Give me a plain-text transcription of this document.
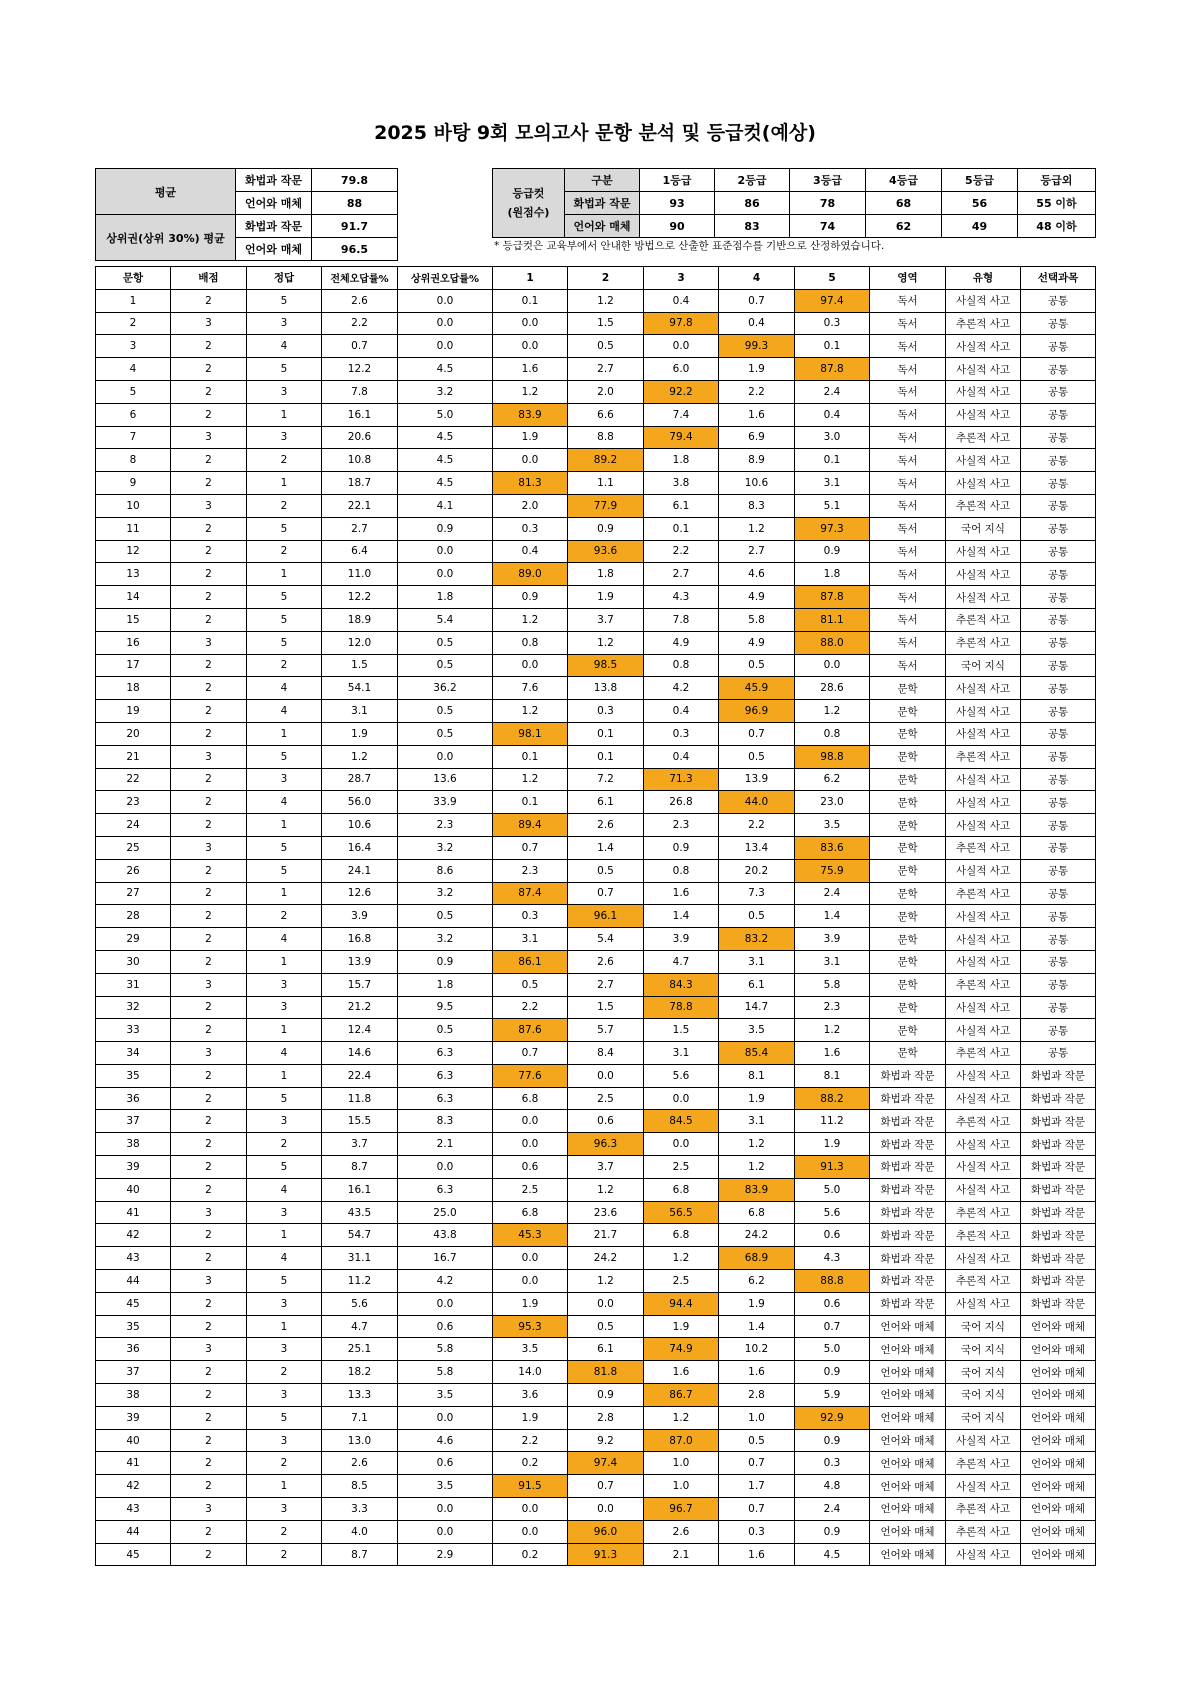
2025 바탕 9회 모의고사 문항 분석 및 등급컷(예상)
평균	화법과 작문	79.8
	언어와 매체	88
상위권(상위 30%) 평균	화법과 작문	91.7
	언어와 매체	96.5
등급컷
(원점수)	구분	1등급	2등급	3등급	4등급	5등급	등급외
	화법과 작문	93	86	78	68	56	55 이하
	언어와 매체	90	83	74	62	49	48 이하

* 등급컷은 교육부에서 안내한 방법으로 산출한 표준점수를 기반으로 산정하였습니다.

문항	배점	정답	전체오답률%	상위권오답률%	1	2	3	4	5	영역	유형	선택과목
1	2	5	2.6	0.0	0.1	1.2	0.4	0.7	97.4	독서	사실적 사고	공통
2	3	3	2.2	0.0	0.0	1.5	97.8	0.4	0.3	독서	추론적 사고	공통
3	2	4	0.7	0.0	0.0	0.5	0.0	99.3	0.1	독서	사실적 사고	공통
4	2	5	12.2	4.5	1.6	2.7	6.0	1.9	87.8	독서	사실적 사고	공통
5	2	3	7.8	3.2	1.2	2.0	92.2	2.2	2.4	독서	사실적 사고	공통
6	2	1	16.1	5.0	83.9	6.6	7.4	1.6	0.4	독서	사실적 사고	공통
7	3	3	20.6	4.5	1.9	8.8	79.4	6.9	3.0	독서	추론적 사고	공통
8	2	2	10.8	4.5	0.0	89.2	1.8	8.9	0.1	독서	사실적 사고	공통
9	2	1	18.7	4.5	81.3	1.1	3.8	10.6	3.1	독서	사실적 사고	공통
10	3	2	22.1	4.1	2.0	77.9	6.1	8.3	5.1	독서	추론적 사고	공통
11	2	5	2.7	0.9	0.3	0.9	0.1	1.2	97.3	독서	국어 지식	공통
12	2	2	6.4	0.0	0.4	93.6	2.2	2.7	0.9	독서	사실적 사고	공통
13	2	1	11.0	0.0	89.0	1.8	2.7	4.6	1.8	독서	사실적 사고	공통
14	2	5	12.2	1.8	0.9	1.9	4.3	4.9	87.8	독서	사실적 사고	공통
15	2	5	18.9	5.4	1.2	3.7	7.8	5.8	81.1	독서	추론적 사고	공통
16	3	5	12.0	0.5	0.8	1.2	4.9	4.9	88.0	독서	추론적 사고	공통
17	2	2	1.5	0.5	0.0	98.5	0.8	0.5	0.0	독서	국어 지식	공통
18	2	4	54.1	36.2	7.6	13.8	4.2	45.9	28.6	문학	사실적 사고	공통
19	2	4	3.1	0.5	1.2	0.3	0.4	96.9	1.2	문학	사실적 사고	공통
20	2	1	1.9	0.5	98.1	0.1	0.3	0.7	0.8	문학	사실적 사고	공통
21	3	5	1.2	0.0	0.1	0.1	0.4	0.5	98.8	문학	추론적 사고	공통
22	2	3	28.7	13.6	1.2	7.2	71.3	13.9	6.2	문학	사실적 사고	공통
23	2	4	56.0	33.9	0.1	6.1	26.8	44.0	23.0	문학	사실적 사고	공통
24	2	1	10.6	2.3	89.4	2.6	2.3	2.2	3.5	문학	사실적 사고	공통
25	3	5	16.4	3.2	0.7	1.4	0.9	13.4	83.6	문학	추론적 사고	공통
26	2	5	24.1	8.6	2.3	0.5	0.8	20.2	75.9	문학	사실적 사고	공통
27	2	1	12.6	3.2	87.4	0.7	1.6	7.3	2.4	문학	추론적 사고	공통
28	2	2	3.9	0.5	0.3	96.1	1.4	0.5	1.4	문학	사실적 사고	공통
29	2	4	16.8	3.2	3.1	5.4	3.9	83.2	3.9	문학	사실적 사고	공통
30	2	1	13.9	0.9	86.1	2.6	4.7	3.1	3.1	문학	사실적 사고	공통
31	3	3	15.7	1.8	0.5	2.7	84.3	6.1	5.8	문학	추론적 사고	공통
32	2	3	21.2	9.5	2.2	1.5	78.8	14.7	2.3	문학	사실적 사고	공통
33	2	1	12.4	0.5	87.6	5.7	1.5	3.5	1.2	문학	사실적 사고	공통
34	3	4	14.6	6.3	0.7	8.4	3.1	85.4	1.6	문학	추론적 사고	공통
35	2	1	22.4	6.3	77.6	0.0	5.6	8.1	8.1	화법과 작문	사실적 사고	화법과 작문
36	2	5	11.8	6.3	6.8	2.5	0.0	1.9	88.2	화법과 작문	사실적 사고	화법과 작문
37	2	3	15.5	8.3	0.0	0.6	84.5	3.1	11.2	화법과 작문	추론적 사고	화법과 작문
38	2	2	3.7	2.1	0.0	96.3	0.0	1.2	1.9	화법과 작문	사실적 사고	화법과 작문
39	2	5	8.7	0.0	0.6	3.7	2.5	1.2	91.3	화법과 작문	사실적 사고	화법과 작문
40	2	4	16.1	6.3	2.5	1.2	6.8	83.9	5.0	화법과 작문	사실적 사고	화법과 작문
41	3	3	43.5	25.0	6.8	23.6	56.5	6.8	5.6	화법과 작문	추론적 사고	화법과 작문
42	2	1	54.7	43.8	45.3	21.7	6.8	24.2	0.6	화법과 작문	추론적 사고	화법과 작문
43	2	4	31.1	16.7	0.0	24.2	1.2	68.9	4.3	화법과 작문	사실적 사고	화법과 작문
44	3	5	11.2	4.2	0.0	1.2	2.5	6.2	88.8	화법과 작문	추론적 사고	화법과 작문
45	2	3	5.6	0.0	1.9	0.0	94.4	1.9	0.6	화법과 작문	사실적 사고	화법과 작문
35	2	1	4.7	0.6	95.3	0.5	1.9	1.4	0.7	언어와 매체	국어 지식	언어와 매체
36	3	3	25.1	5.8	3.5	6.1	74.9	10.2	5.0	언어와 매체	국어 지식	언어와 매체
37	2	2	18.2	5.8	14.0	81.8	1.6	1.6	0.9	언어와 매체	국어 지식	언어와 매체
38	2	3	13.3	3.5	3.6	0.9	86.7	2.8	5.9	언어와 매체	국어 지식	언어와 매체
39	2	5	7.1	0.0	1.9	2.8	1.2	1.0	92.9	언어와 매체	국어 지식	언어와 매체
40	2	3	13.0	4.6	2.2	9.2	87.0	0.5	0.9	언어와 매체	사실적 사고	언어와 매체
41	2	2	2.6	0.6	0.2	97.4	1.0	0.7	0.3	언어와 매체	추론적 사고	언어와 매체
42	2	1	8.5	3.5	91.5	0.7	1.0	1.7	4.8	언어와 매체	사실적 사고	언어와 매체
43	3	3	3.3	0.0	0.0	0.0	96.7	0.7	2.4	언어와 매체	추론적 사고	언어와 매체
44	2	2	4.0	0.0	0.0	96.0	2.6	0.3	0.9	언어와 매체	추론적 사고	언어와 매체
45	2	2	8.7	2.9	0.2	91.3	2.1	1.6	4.5	언어와 매체	사실적 사고	언어와 매체
